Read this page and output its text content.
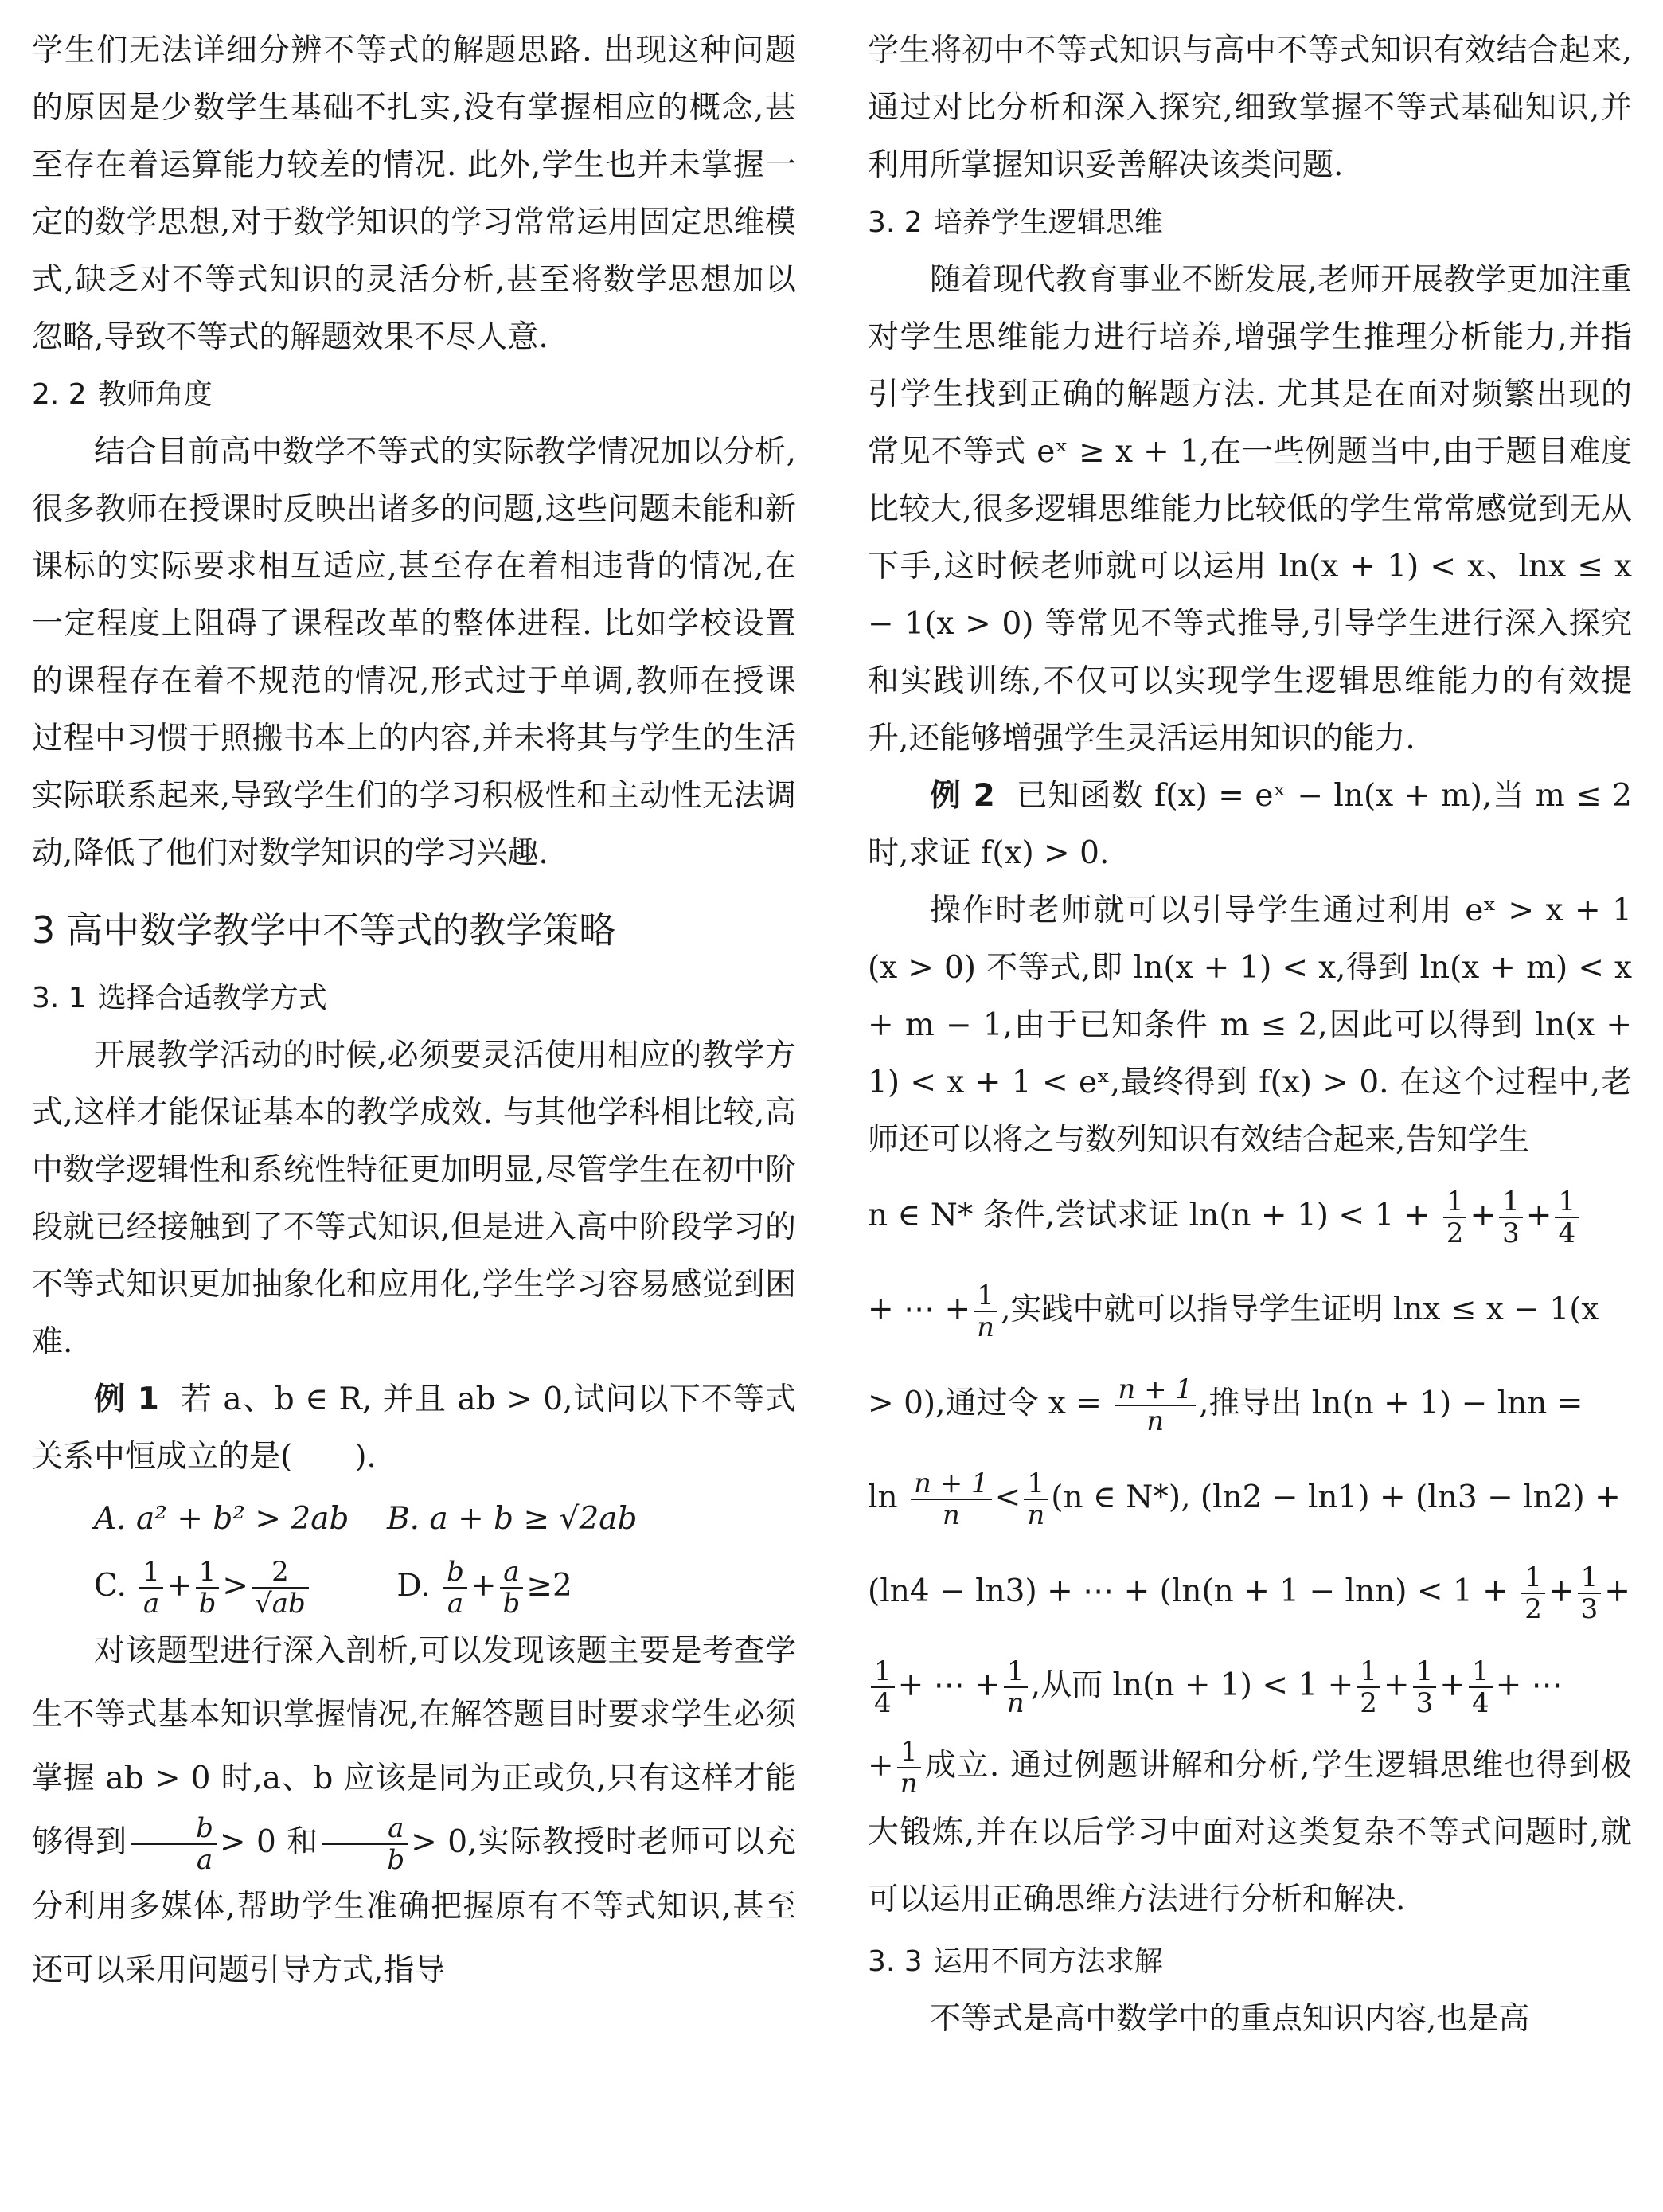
学生们无法详细分辨不等式的解题思路. 出现这种问题的原因是少数学生基础不扎实,没有掌握相应的概念,甚至存在着运算能力较差的情况. 此外,学生也并未掌握一定的数学思想,对于数学知识的学习常常运用固定思维模式,缺乏对不等式知识的灵活分析,甚至将数学思想加以忽略,导致不等式的解题效果不尽人意.

2. 2 教师角度

结合目前高中数学不等式的实际教学情况加以分析,很多教师在授课时反映出诸多的问题,这些问题未能和新课标的实际要求相互适应,甚至存在着相违背的情况,在一定程度上阻碍了课程改革的整体进程. 比如学校设置的课程存在着不规范的情况,形式过于单调,教师在授课过程中习惯于照搬书本上的内容,并未将其与学生的生活实际联系起来,导致学生们的学习积极性和主动性无法调动,降低了他们对数学知识的学习兴趣.

3 高中数学教学中不等式的教学策略

3. 1 选择合适教学方式

开展教学活动的时候,必须要灵活使用相应的教学方式,这样才能保证基本的教学成效. 与其他学科相比较,高中数学逻辑性和系统性特征更加明显,尽管学生在初中阶段就已经接触到了不等式知识,但是进入高中阶段学习的不等式知识更加抽象化和应用化,学生学习容易感觉到困难.

例 1 若 a、b ∈ R, 并且 ab > 0,试问以下不等式关系中恒成立的是(　　).

A. a² + b² > 2ab B. a + b ≥ √2ab

C. $\frac{1}{a} + \frac{1}{b} > \frac{2}{√ab}$	D. $\frac{b}{a} + \frac{a}{b} \ge 2$

对该题型进行深入剖析,可以发现该题主要是考查学生不等式基本知识掌握情况,在解答题目时要求学生必须掌握 ab > 0 时,a、b 应该是同为正或负,只有这样才能够得到 $\frac{b}{a} > 0$ 和 $\frac{a}{b} > 0$,实际教授时老师可以充分利用多媒体,帮助学生准确把握原有不等式知识,甚至还可以采用问题引导方式,指导

学生将初中不等式知识与高中不等式知识有效结合起来,通过对比分析和深入探究,细致掌握不等式基础知识,并利用所掌握知识妥善解决该类问题.

3. 2 培养学生逻辑思维

随着现代教育事业不断发展,老师开展教学更加注重对学生思维能力进行培养,增强学生推理分析能力,并指引学生找到正确的解题方法. 尤其是在面对频繁出现的常见不等式 eˣ ≥ x + 1,在一些例题当中,由于题目难度比较大,很多逻辑思维能力比较低的学生常常感觉到无从下手,这时候老师就可以运用 ln(x + 1) < x、lnx ≤ x − 1(x > 0) 等常见不等式推导,引导学生进行深入探究和实践训练,不仅可以实现学生逻辑思维能力的有效提升,还能够增强学生灵活运用知识的能力.

例 2 已知函数 f(x) = eˣ − ln(x + m),当 m ≤ 2 时,求证 f(x) > 0.

操作时老师就可以引导学生通过利用 eˣ > x + 1 (x > 0) 不等式,即 ln(x + 1) < x,得到 ln(x + m) < x + m − 1,由于已知条件 m ≤ 2,因此可以得到 ln(x + 1) < x + 1 < eˣ,最终得到 f(x) > 0. 在这个过程中,老师还可以将之与数列知识有效结合起来,告知学生

n ∈ N* 条件,尝试求证 $\ln(n + 1) < 1 + \frac{1}{2} + \frac{1}{3} + \frac{1}{4}$

+ ⋯ + $\frac{1}{n}$ ,实践中就可以指导学生证明 lnx ≤ x − 1(x

> 0),通过令 $x = \frac{n + 1}{n}$ ,推导出 ln(n + 1) − lnn =

$\ln \frac{n + 1}{n} < \frac{1}{n} (n$ ∈ N*), (ln2 − ln1) + (ln3 − ln2) +

(ln4 − ln3) + ⋯ + ($\ln(n + 1 - \ln n) < 1 + \frac{1}{2} + \frac{1}{3}$ +

$\frac{1}{4}$ + ⋯ + $\frac{1}{n}$ ,从而 $\ln(n + 1) < 1 + \frac{1}{2} + \frac{1}{3} + \frac{1}{4}$ + ⋯

+ $\frac{1}{n}$ 成立. 通过例题讲解和分析,学生逻辑思维也得到极大锻炼,并在以后学习中面对这类复杂不等式问题时,就可以运用正确思维方法进行分析和解决.

3. 3 运用不同方法求解

不等式是高中数学中的重点知识内容,也是高
